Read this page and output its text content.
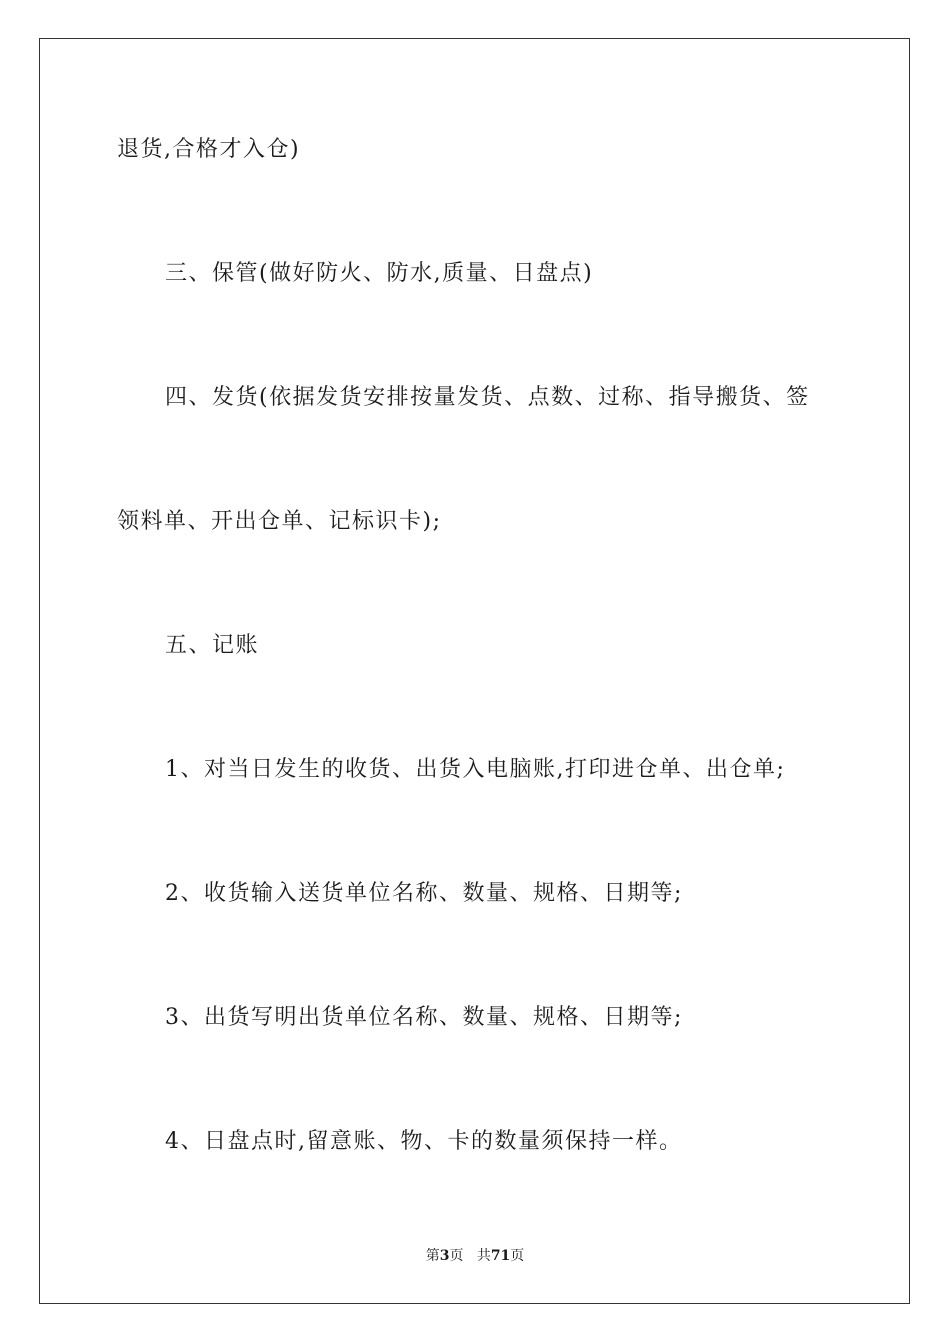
退货,合格才入仓)
三、保管(做好防火、防水,质量、日盘点)
四、发货(依据发货安排按量发货、点数、过称、指导搬货、签
领料单、开出仓单、记标识卡);
五、记账
1、对当日发生的收货、出货入电脑账,打印进仓单、出仓单;
2、收货输入送货单位名称、数量、规格、日期等;
3、出货写明出货单位名称、数量、规格、日期等;
4、日盘点时,留意账、物、卡的数量须保持一样。
第3页 共71页
